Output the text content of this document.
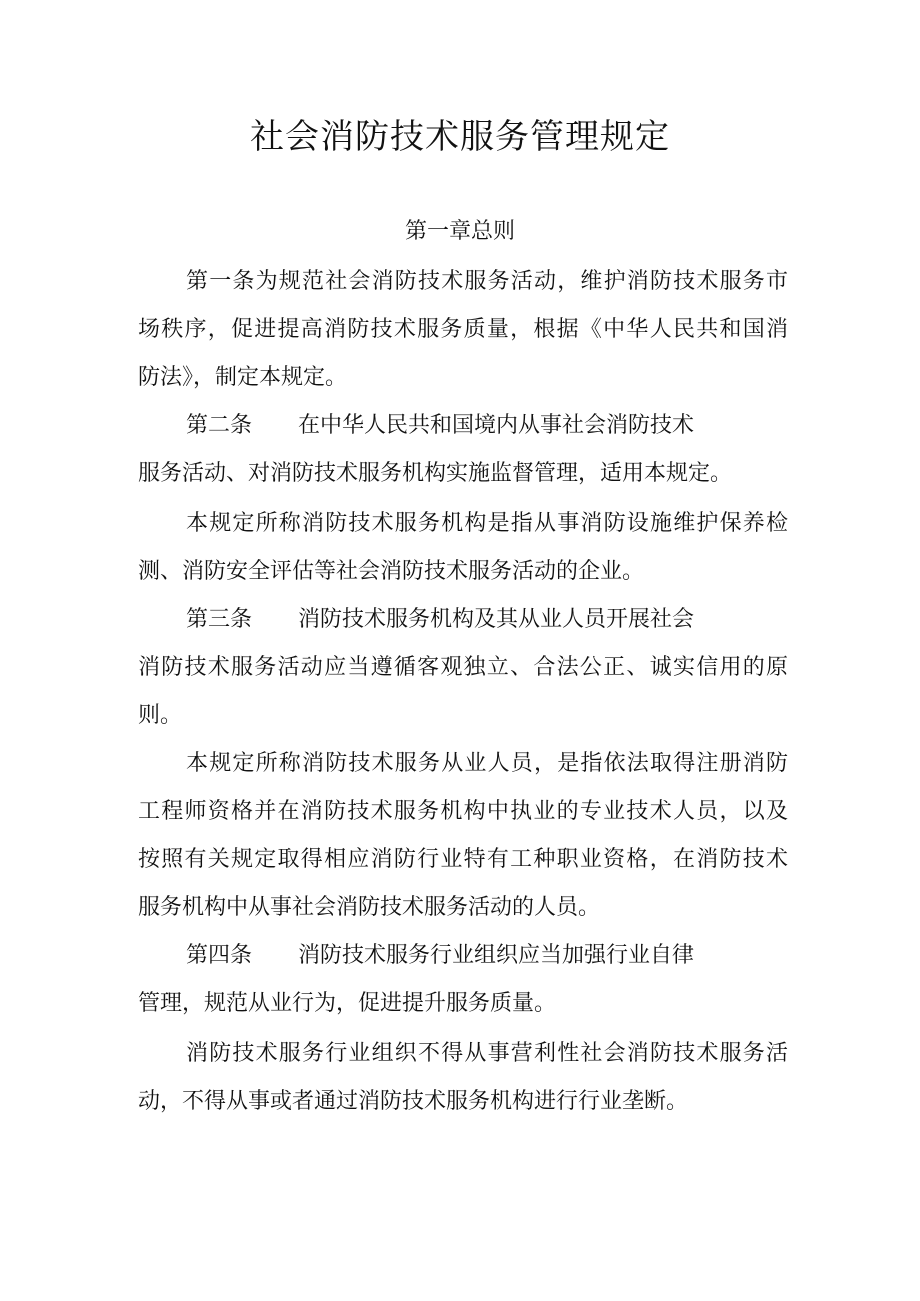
社会消防技术服务管理规定
第一章总则
第一条为规范社会消防技术服务活动，维护消防技术服务市
场秩序，促进提高消防技术服务质量，根据《中华人民共和国消
防法》，制定本规定。
第二条 在中华人民共和国境内从事社会消防技术
服务活动、对消防技术服务机构实施监督管理，适用本规定。
本规定所称消防技术服务机构是指从事消防设施维护保养检
测、消防安全评估等社会消防技术服务活动的企业。
第三条 消防技术服务机构及其从业人员开展社会
消防技术服务活动应当遵循客观独立、合法公正、诚实信用的原
则。
本规定所称消防技术服务从业人员，是指依法取得注册消防
工程师资格并在消防技术服务机构中执业的专业技术人员，以及
按照有关规定取得相应消防行业特有工种职业资格，在消防技术
服务机构中从事社会消防技术服务活动的人员。
第四条 消防技术服务行业组织应当加强行业自律
管理，规范从业行为，促进提升服务质量。
消防技术服务行业组织不得从事营利性社会消防技术服务活
动，不得从事或者通过消防技术服务机构进行行业垄断。
